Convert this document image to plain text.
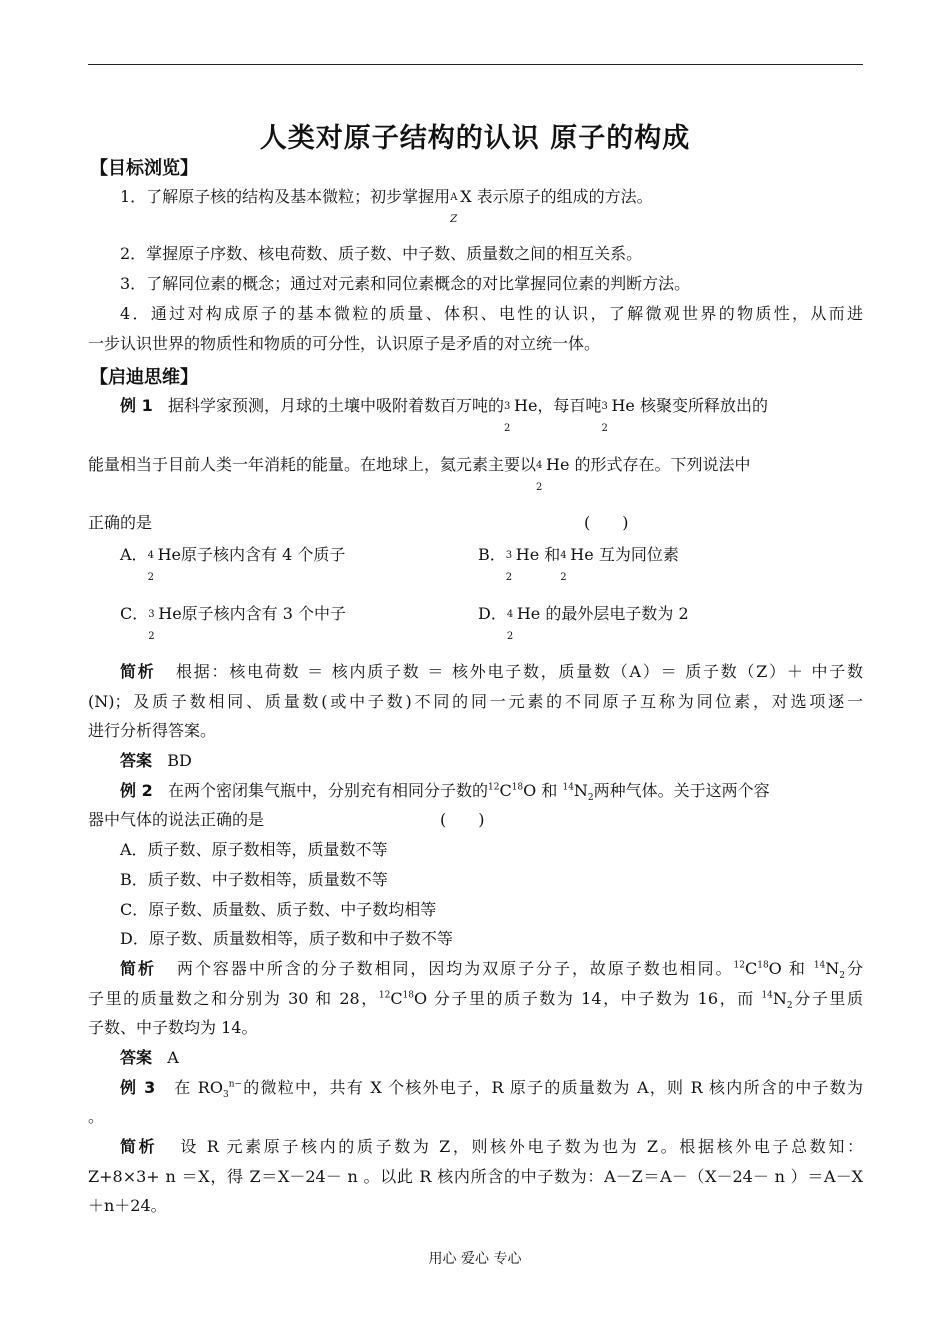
人类对原子结构的认识 原子的构成
【目标浏览】
1．了解原子核的结构及基本微粒；初步掌握用 A
Z
X 表示原子的组成的方法。
2．掌握原子序数、核电荷数、质子数、中子数、质量数之间的相互关系。
3．了解同位素的概念；通过对元素和同位素概念的对比掌握同位素的判断方法。
4．通过对构成原子的基本微粒的质量、体积、电性的认识，了解微观世界的物质性，从而进
一步认识世界的物质性和物质的可分性，认识原子是矛盾的对立统一体。
【启迪思维】
例 1 据科学家预测，月球的土壤中吸附着数百万吨的 3
2
He，每百吨 3
2
He 核聚变所释放出的
能量相当于目前人类一年消耗的能量。在地球上，氦元素主要以 4
2
He 的形式存在。下列说法中
正确的是	(　　)
A． 4
2
He原子核内含有 4 个质子	B． 3
2
He 和 4
2
He 互为同位素
C． 3
2
He原子核内含有 3 个中子	D． 4
2
He 的最外层电子数为 2
简析 根据：核电荷数 ＝ 核内质子数 ＝ 核外电子数，质量数（A）＝ 质子数（Z）＋ 中子数
(N)；及质子数相同、质量数(或中子数)不同的同一元素的不同原子互称为同位素，对选项逐一
进行分析得答案。
答案 BD
例 2 在两个密闭集气瓶中，分别充有相同分子数的$^{12}C^{18}O$ 和 $^{14}N_2$两种气体。关于这两个容
器中气体的说法正确的是	(　　)
A．质子数、原子数相等，质量数不等
B．质子数、中子数相等，质量数不等
C．原子数、质量数、质子数、中子数均相等
D．原子数、质量数相等，质子数和中子数不等
简析 两个容器中所含的分子数相同，因均为双原子分子，故原子数也相同。$^{12}C^{18}O$ 和 $^{14}N_2$分
子里的质量数之和分别为 30 和 28，$^{12}C^{18}O$ 分子里的质子数为 14，中子数为 16，而 $^{14}N_2$分子里质
子数、中子数均为 14。
答案 A
例 3 在 $RO_3^{n-}$的微粒中，共有 X 个核外电子，R 原子的质量数为 A，则 R 核内所含的中子数为
。
简析 设 R 元素原子核内的质子数为 Z，则核外电子数为也为 Z。根据核外电子总数知：
Z+8×3+ n ＝X，得 Z＝X－24－ n 。以此 R 核内所含的中子数为：A－Z＝A－（X－24－ n ）＝A－X
＋n＋24。
用心 爱心 专心
